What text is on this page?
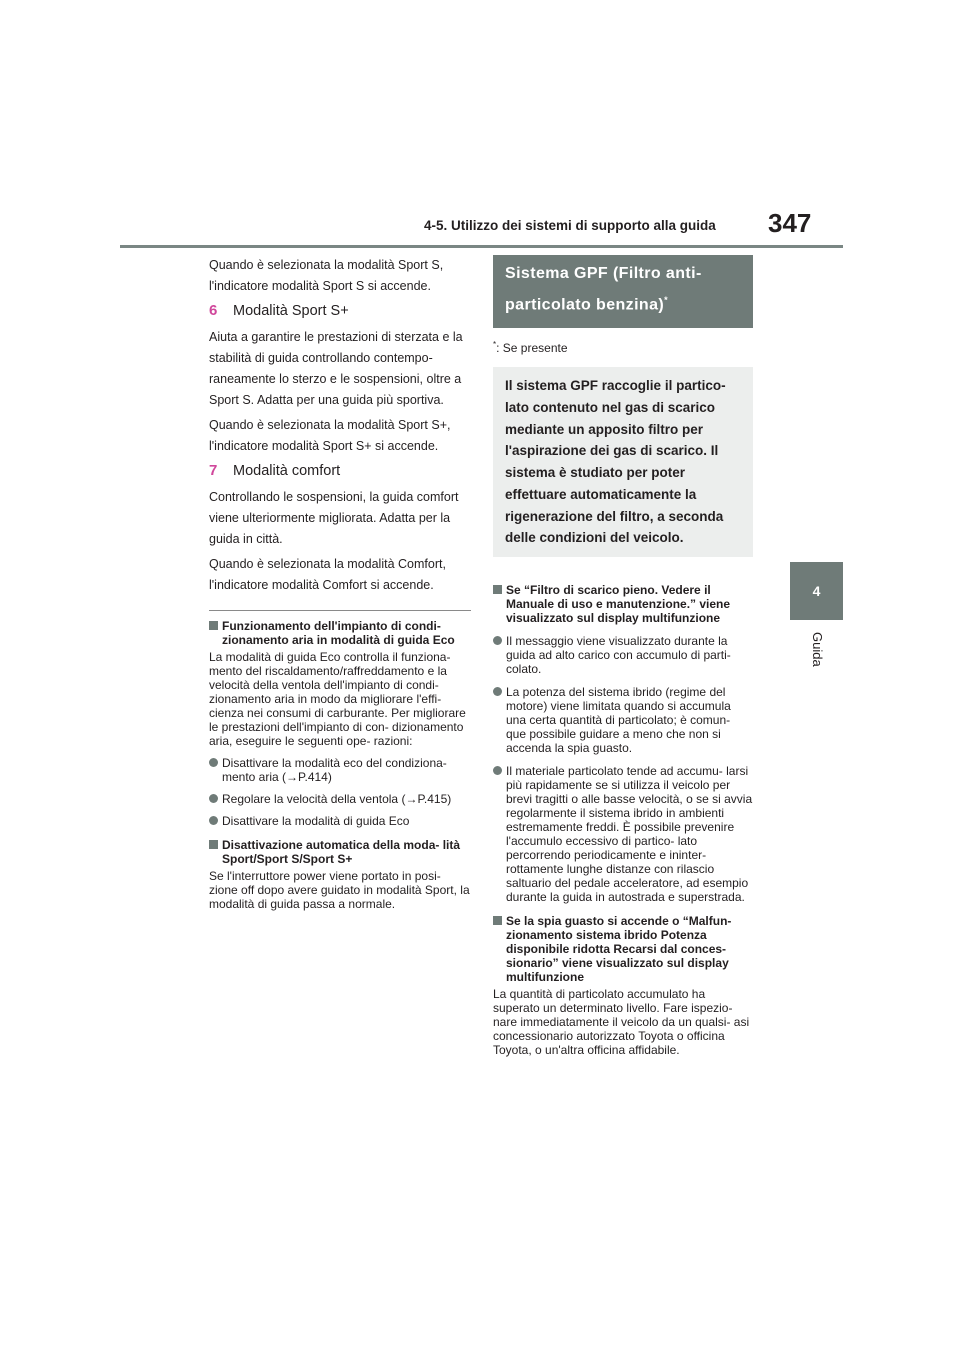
4-5. Utilizzo dei sistemi di supporto alla guida 347
4
Guida

Quando è selezionata la modalità Sport S, l'indicatore modalità Sport S si accende.

6	Modalità Sport S+

Aiuta a garantire le prestazioni di sterzata e la stabilità di guida controllando contempo- raneamente lo sterzo e le sospensioni, oltre a Sport S. Adatta per una guida più sportiva.

Quando è selezionata la modalità Sport S+, l'indicatore modalità Sport S+ si accende.

7	Modalità comfort

Controllando le sospensioni, la guida comfort viene ulteriormente migliorata. Adatta per la guida in città.

Quando è selezionata la modalità Comfort, l'indicatore modalità Comfort si accende.

Funzionamento dell'impianto di condi- zionamento aria in modalità di guida Eco

La modalità di guida Eco controlla il funziona- mento del riscaldamento/raffreddamento e la velocità della ventola dell'impianto di condi- zionamento aria in modo da migliorare l'effi- cienza nei consumi di carburante. Per migliorare le prestazioni dell'impianto di con- dizionamento aria, eseguire le seguenti ope- razioni:

Disattivare la modalità eco del condiziona- mento aria (→P.414)
Regolare la velocità della ventola (→P.415)
Disattivare la modalità di guida Eco
Disattivazione automatica della moda- lità Sport/Sport S/Sport S+

Se l'interruttore power viene portato in posi- zione off dopo avere guidato in modalità Sport, la modalità di guida passa a normale.

Sistema GPF (Filtro anti- particolato benzina)*

*: Se presente

Il sistema GPF raccoglie il partico- lato contenuto nel gas di scarico mediante un apposito filtro per l'aspirazione dei gas di scarico. Il sistema è studiato per poter effettuare automaticamente la rigenerazione del filtro, a seconda delle condizioni del veicolo.
Se “Filtro di scarico pieno. Vedere il Manuale di uso e manutenzione.” viene visualizzato sul display multifunzione
Il messaggio viene visualizzato durante la guida ad alto carico con accumulo di parti- colato.
La potenza del sistema ibrido (regime del motore) viene limitata quando si accumula una certa quantità di particolato; è comun- que possibile guidare a meno che non si accenda la spia guasto.
Il materiale particolato tende ad accumu- larsi più rapidamente se si utilizza il veicolo per brevi tragitti o alle basse velocità, o se si avvia regolarmente il sistema ibrido in ambienti estremamente freddi. È possibile prevenire l'accumulo eccessivo di partico- lato percorrendo periodicamente e ininter- rottamente lunghe distanze con rilascio saltuario del pedale acceleratore, ad esempio durante la guida in autostrada e superstrada.
Se la spia guasto si accende o “Malfun- zionamento sistema ibrido Potenza disponibile ridotta Recarsi dal conces- sionario” viene visualizzato sul display multifunzione

La quantità di particolato accumulato ha superato un determinato livello. Fare ispezio- nare immediatamente il veicolo da un qualsi- asi concessionario autorizzato Toyota o officina Toyota, o un'altra officina affidabile.
